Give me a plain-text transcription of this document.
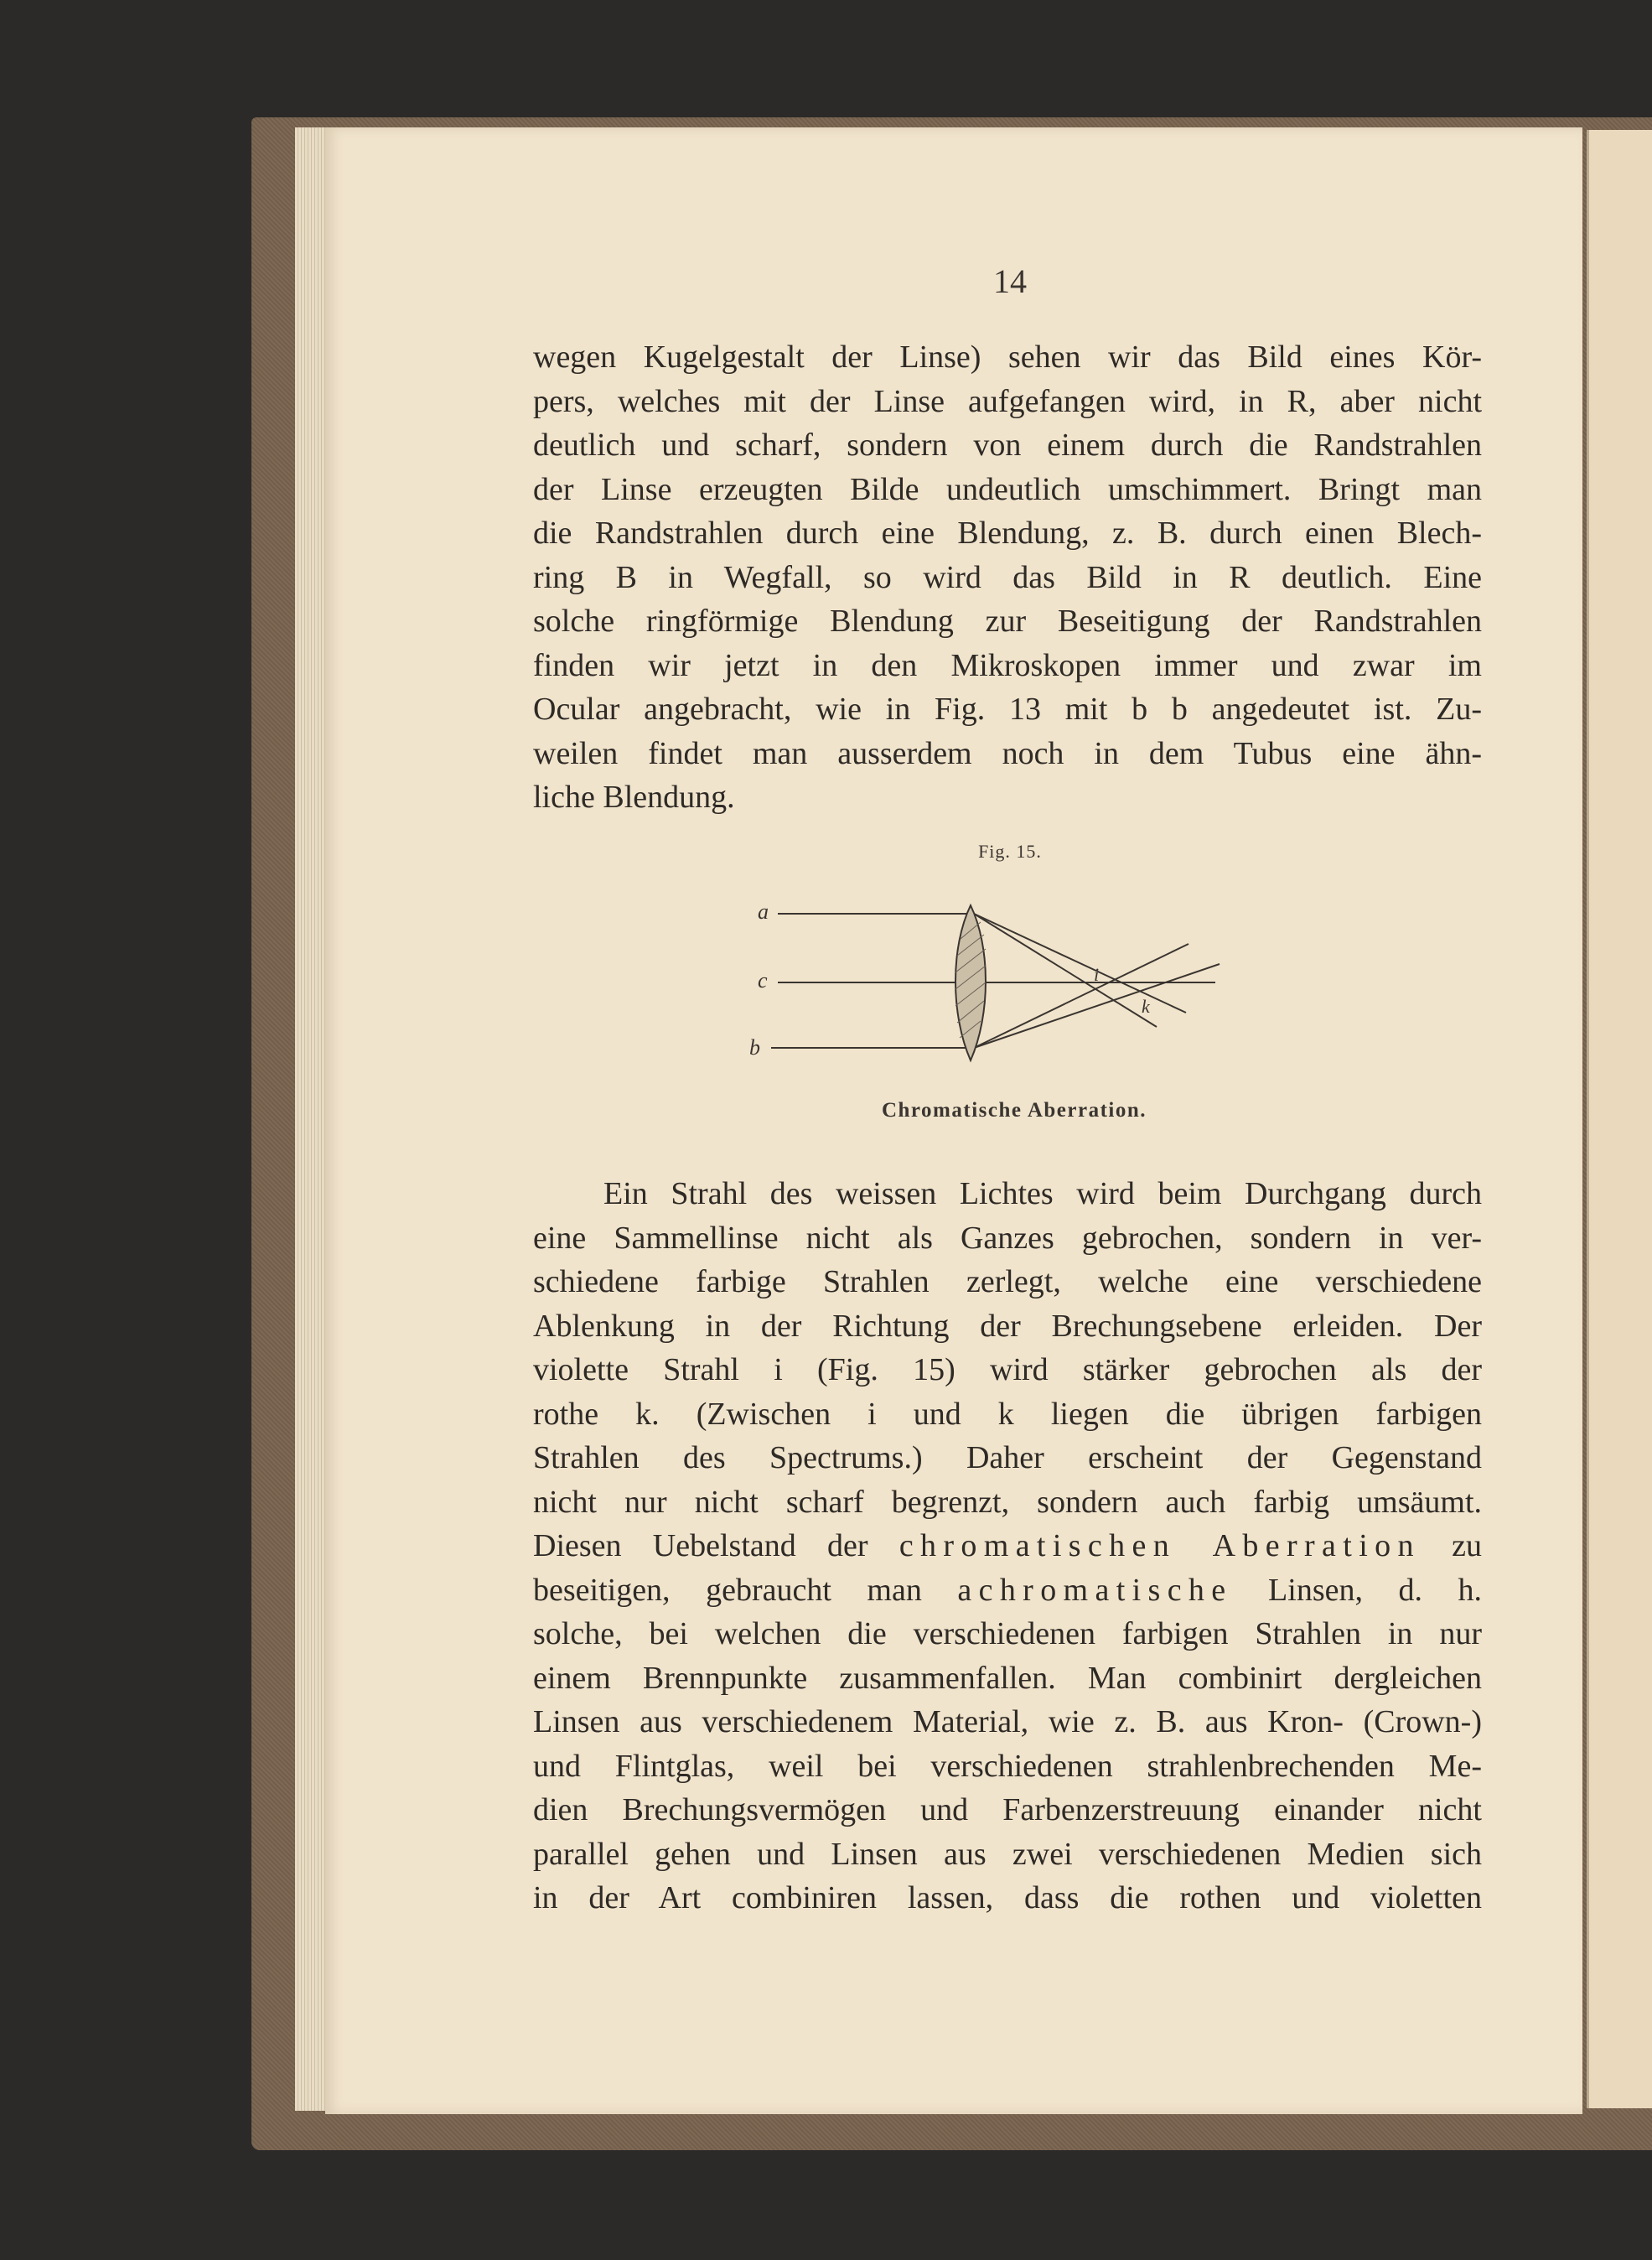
14
wegen Kugelgestalt der Linse) sehen wir das Bild eines Kör-
pers, welches mit der Linse aufgefangen wird, in R, aber nicht
deutlich und scharf, sondern von einem durch die Randstrahlen
der Linse erzeugten Bilde undeutlich umschimmert. Bringt man
die Randstrahlen durch eine Blendung, z. B. durch einen Blech-
ring B in Wegfall, so wird das Bild in R deutlich. Eine
solche ringförmige Blendung zur Beseitigung der Randstrahlen
finden wir jetzt in den Mikroskopen immer und zwar im
Ocular angebracht, wie in Fig. 13 mit b b angedeutet ist. Zu-
weilen findet man ausserdem noch in dem Tubus eine ähn-
liche Blendung.
Fig. 15.
a
c
b
i
k
Chromatische Aberration.
Ein Strahl des weissen Lichtes wird beim Durchgang durch
eine Sammellinse nicht als Ganzes gebrochen, sondern in ver-
schiedene farbige Strahlen zerlegt, welche eine verschiedene
Ablenkung in der Richtung der Brechungsebene erleiden. Der
violette Strahl i (Fig. 15) wird stärker gebrochen als der
rothe k. (Zwischen i und k liegen die übrigen farbigen
Strahlen des Spectrums.) Daher erscheint der Gegenstand
nicht nur nicht scharf begrenzt, sondern auch farbig umsäumt.
Diesen Uebelstand der chromatischen Aberration zu
beseitigen, gebraucht man achromatische Linsen, d. h.
solche, bei welchen die verschiedenen farbigen Strahlen in nur
einem Brennpunkte zusammenfallen. Man combinirt dergleichen
Linsen aus verschiedenem Material, wie z. B. aus Kron- (Crown-)
und Flintglas, weil bei verschiedenen strahlenbrechenden Me-
dien Brechungsvermögen und Farbenzerstreuung einander nicht
parallel gehen und Linsen aus zwei verschiedenen Medien sich
in der Art combiniren lassen, dass die rothen und violetten
